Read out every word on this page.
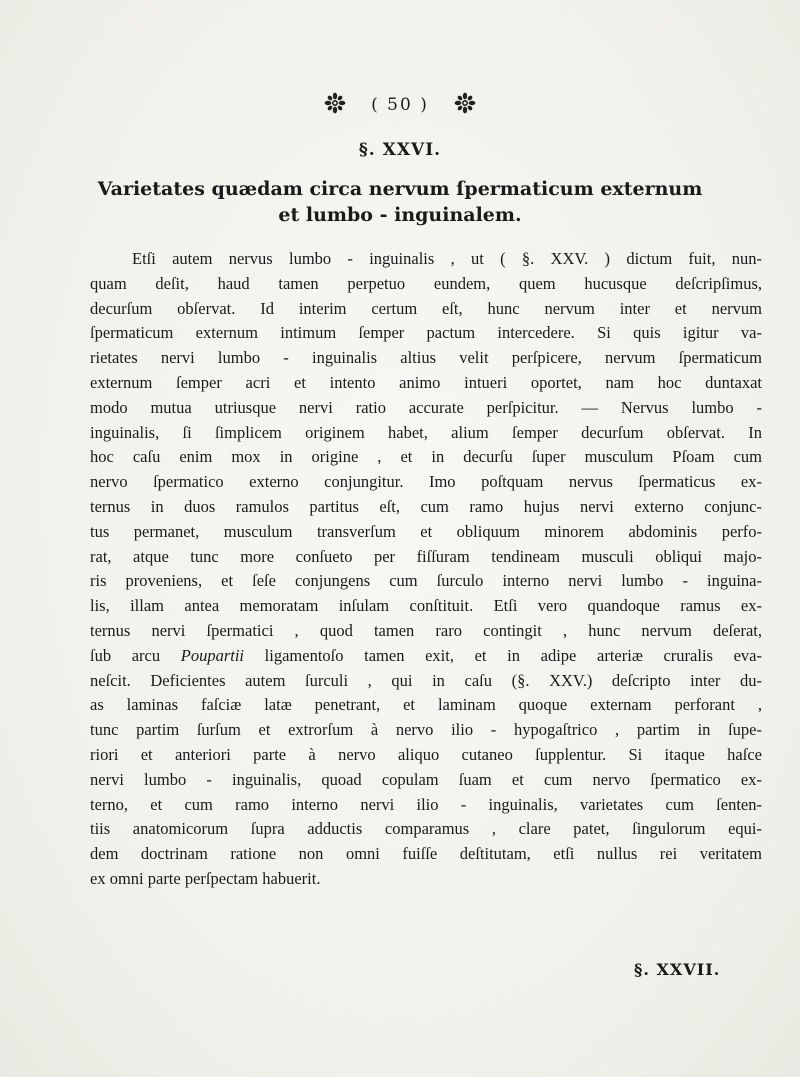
( 50 )
§. XXVI.
Varietates quædam circa nervum ſpermaticum externum
et lumbo - inguinalem.
Etſi autem nervus lumbo - inguinalis , ut ( §. XXV. ) dictum fuit, nun-
quam deſit, haud tamen perpetuo eundem, quem hucusque deſcripſimus,
decurſum obſervat. Id interim certum eſt, hunc nervum inter et nervum
ſpermaticum externum intimum ſemper pactum intercedere. Si quis igitur va-
rietates nervi lumbo - inguinalis altius velit perſpicere, nervum ſpermaticum
externum ſemper acri et intento animo intueri oportet, nam hoc duntaxat
modo mutua utriusque nervi ratio accurate perſpicitur. — Nervus lumbo -
inguinalis, ſi ſimplicem originem habet, alium ſemper decurſum obſervat. In
hoc caſu enim mox in origine , et in decurſu ſuper musculum Pſoam cum
nervo ſpermatico externo conjungitur. Imo poſtquam nervus ſpermaticus ex-
ternus in duos ramulos partitus eſt, cum ramo hujus nervi externo conjunc-
tus permanet, musculum transverſum et obliquum minorem abdominis perfo-
rat, atque tunc more conſueto per fiſſuram tendineam musculi obliqui majo-
ris proveniens, et ſeſe conjungens cum ſurculo interno nervi lumbo - inguina-
lis, illam antea memoratam inſulam conſtituit. Etſi vero quandoque ramus ex-
ternus nervi ſpermatici , quod tamen raro contingit , hunc nervum deſerat,
ſub arcu Poupartii ligamentoſo tamen exit, et in adipe arteriæ cruralis eva-
neſcit. Deficientes autem ſurculi , qui in caſu (§. XXV.) deſcripto inter du-
as laminas faſciæ latæ penetrant, et laminam quoque externam perforant ,
tunc partim ſurſum et extrorſum à nervo ilio - hypogaſtrico , partim in ſupe-
riori et anteriori parte à nervo aliquo cutaneo ſupplentur. Si itaque haſce
nervi lumbo - inguinalis, quoad copulam ſuam et cum nervo ſpermatico ex-
terno, et cum ramo interno nervi ilio - inguinalis, varietates cum ſenten-
tiis anatomicorum ſupra adductis comparamus , clare patet, ſingulorum equi-
dem doctrinam ratione non omni fuiſſe deſtitutam, etſi nullus rei veritatem
ex omni parte perſpectam habuerit.
§. XXVII.
